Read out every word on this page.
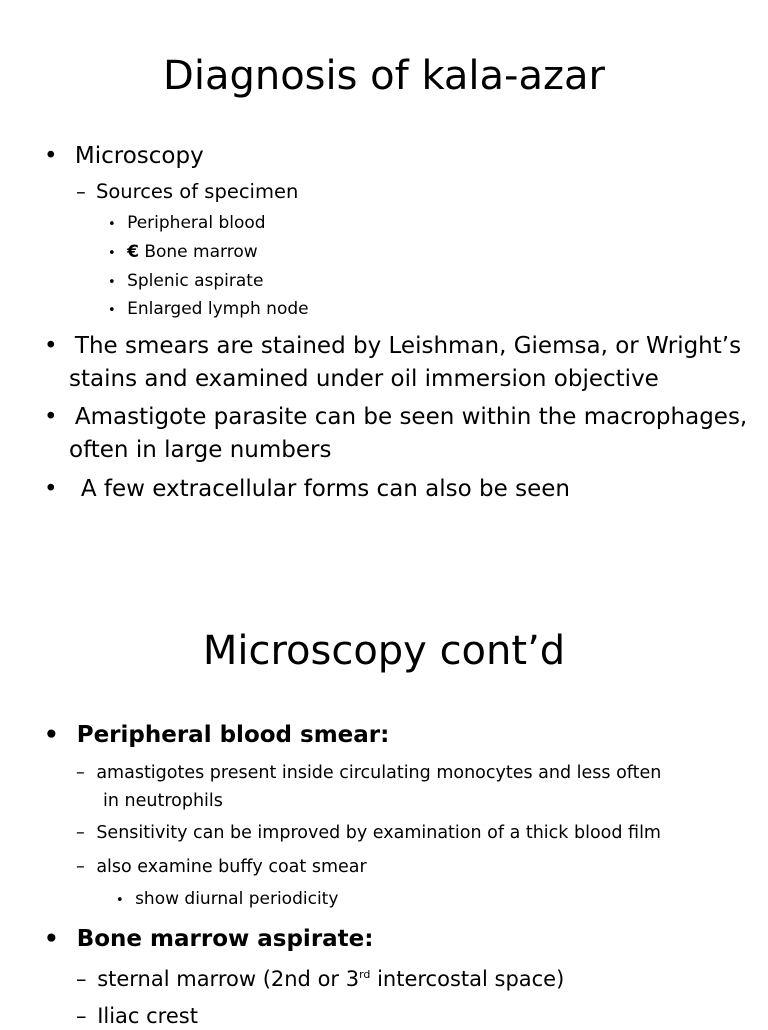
Diagnosis of kala-azar
• Microscopy
– Sources of specimen
• Peripheral blood
• € Bone marrow
• Splenic aspirate
• Enlarged lymph node
• The smears are stained by Leishman, Giemsa, or Wright’s
stains and examined under oil immersion objective
• Amastigote parasite can be seen within the macrophages,
often in large numbers
• A few extracellular forms can also be seen
Microscopy cont’d
• Peripheral blood smear:
– amastigotes present inside circulating monocytes and less often
in neutrophils
– Sensitivity can be improved by examination of a thick blood film
– also examine buffy coat smear
• show diurnal periodicity
• Bone marrow aspirate:
– sternal marrow (2nd or 3rd intercostal space)
– Iliac crest
